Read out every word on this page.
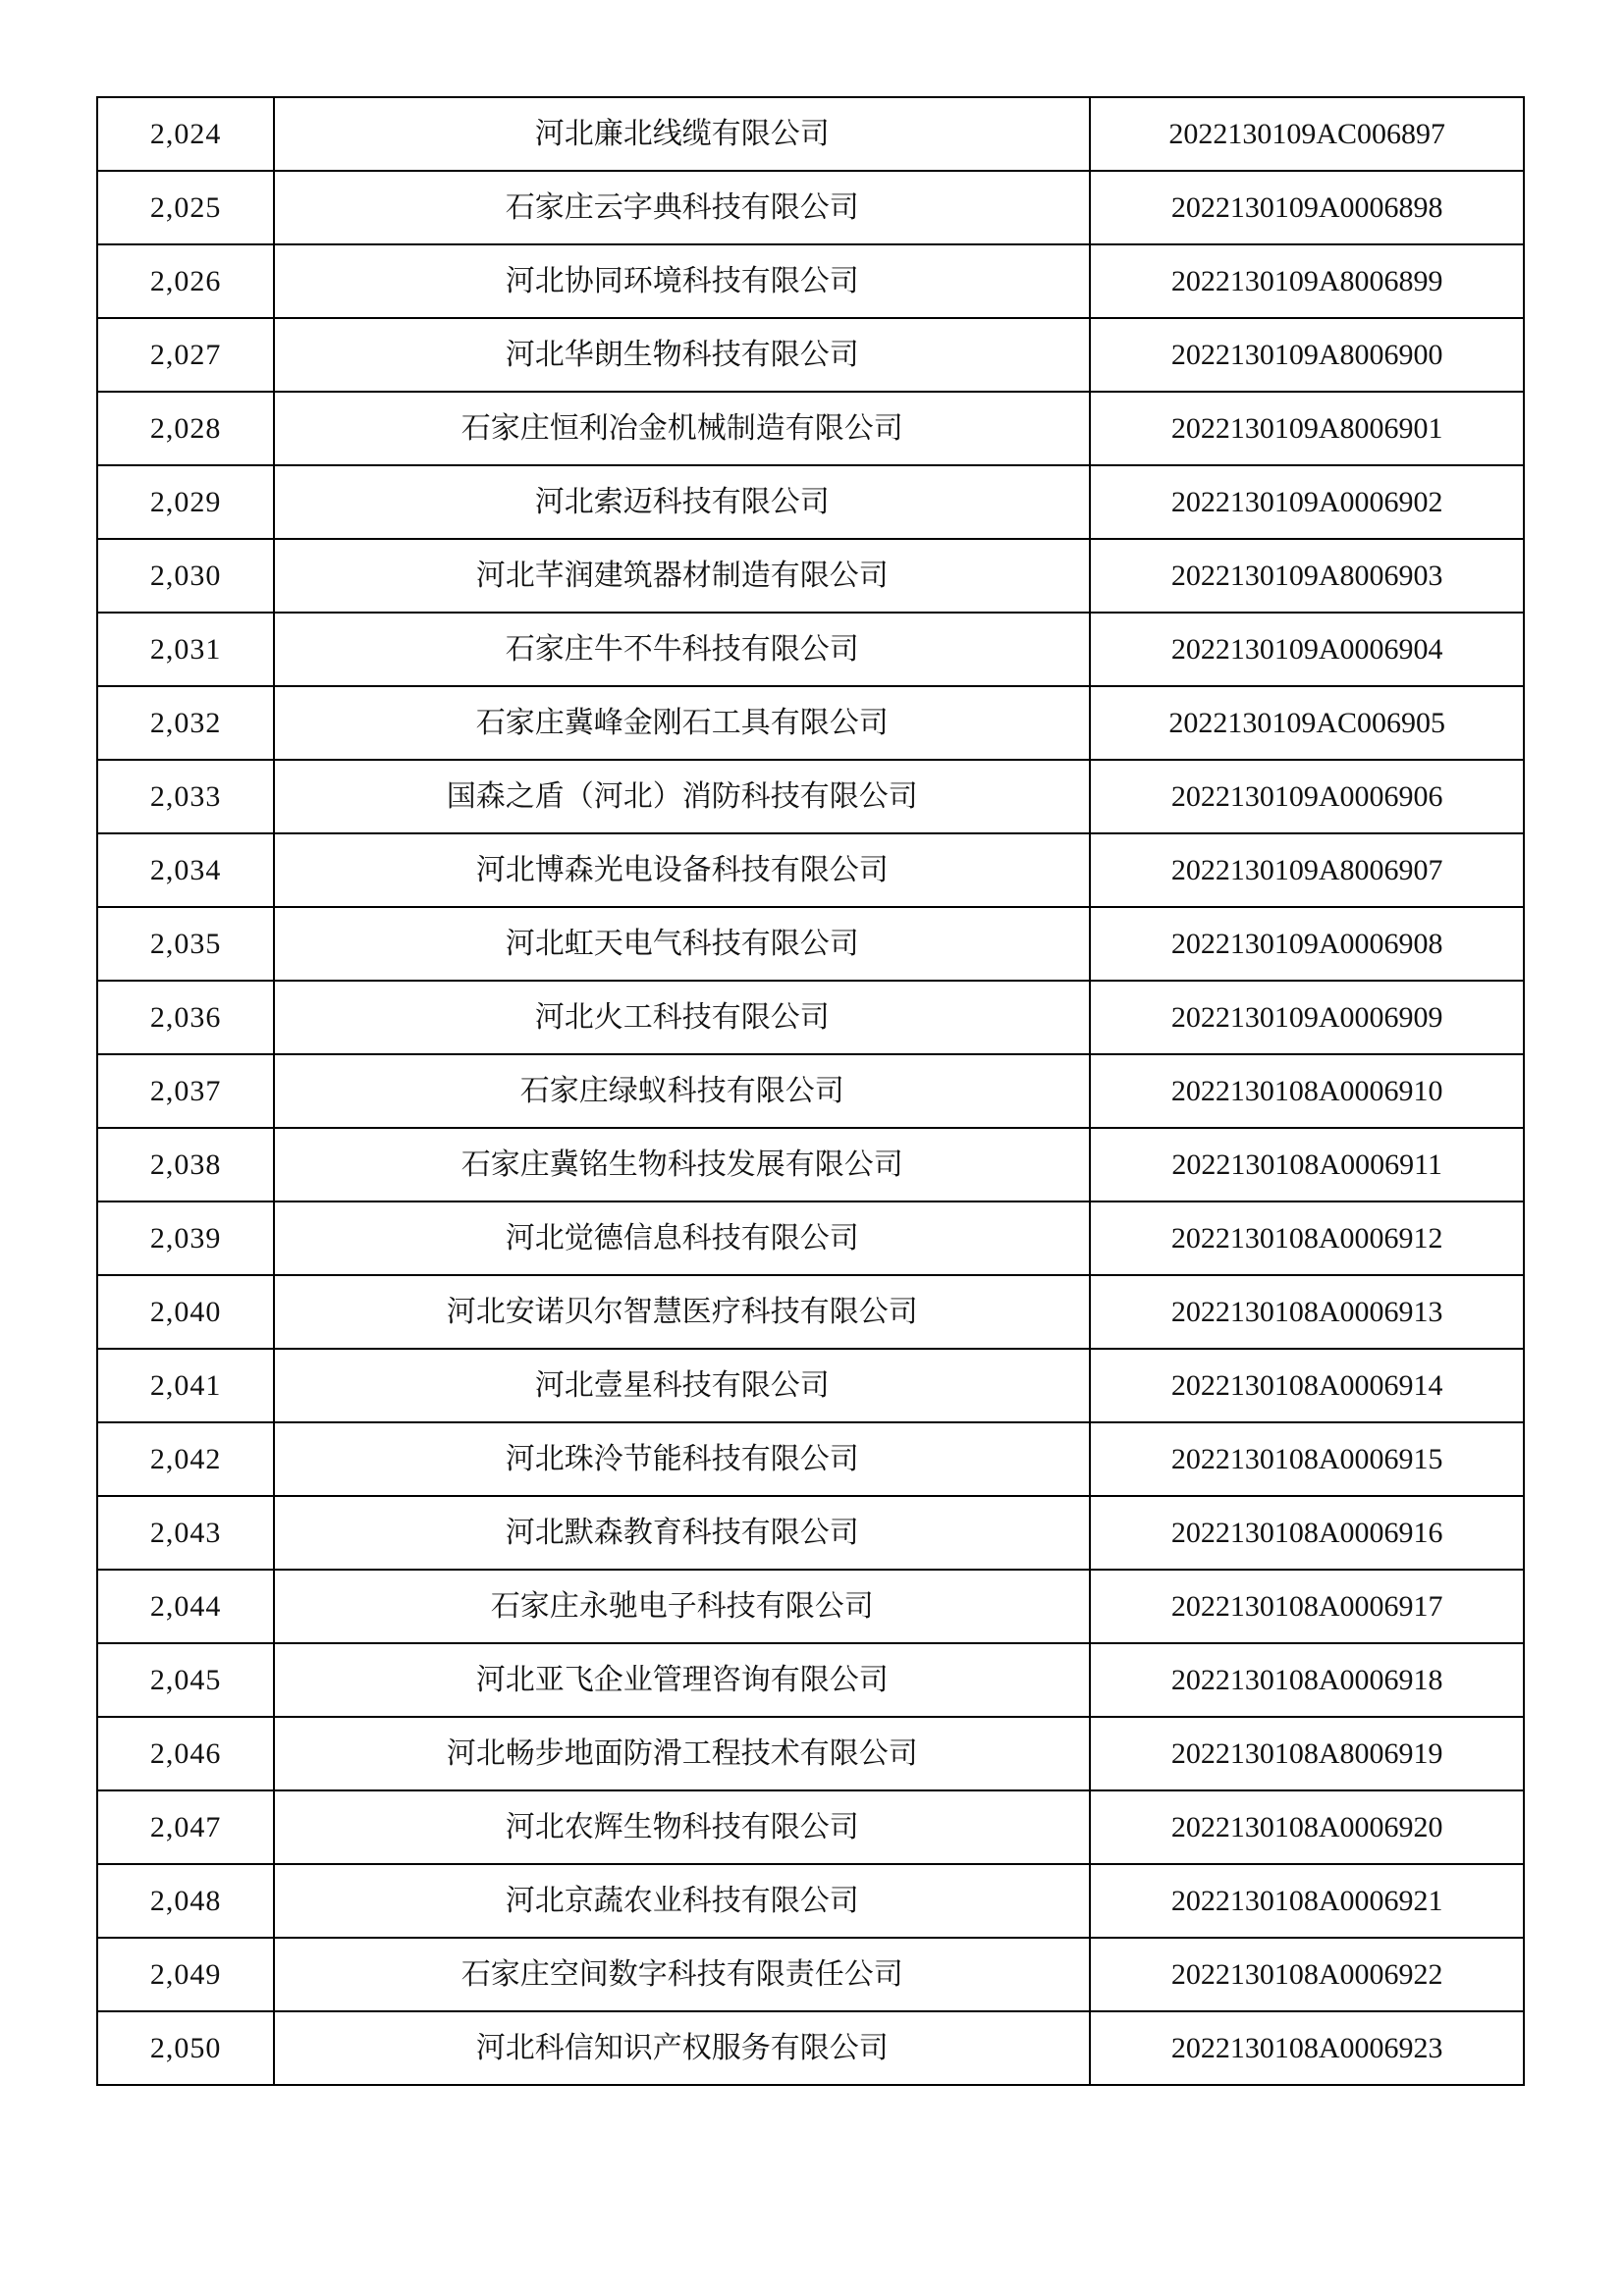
2,024	河北廉北线缆有限公司	2022130109AC006897
2,025	石家庄云字典科技有限公司	2022130109A0006898
2,026	河北协同环境科技有限公司	2022130109A8006899
2,027	河北华朗生物科技有限公司	2022130109A8006900
2,028	石家庄恒利冶金机械制造有限公司	2022130109A8006901
2,029	河北索迈科技有限公司	2022130109A0006902
2,030	河北芊润建筑器材制造有限公司	2022130109A8006903
2,031	石家庄牛不牛科技有限公司	2022130109A0006904
2,032	石家庄冀峰金刚石工具有限公司	2022130109AC006905
2,033	国森之盾（河北）消防科技有限公司	2022130109A0006906
2,034	河北博森光电设备科技有限公司	2022130109A8006907
2,035	河北虹天电气科技有限公司	2022130109A0006908
2,036	河北火工科技有限公司	2022130109A0006909
2,037	石家庄绿蚁科技有限公司	2022130108A0006910
2,038	石家庄冀铭生物科技发展有限公司	2022130108A0006911
2,039	河北觉德信息科技有限公司	2022130108A0006912
2,040	河北安诺贝尔智慧医疗科技有限公司	2022130108A0006913
2,041	河北壹星科技有限公司	2022130108A0006914
2,042	河北珠泠节能科技有限公司	2022130108A0006915
2,043	河北默森教育科技有限公司	2022130108A0006916
2,044	石家庄永驰电子科技有限公司	2022130108A0006917
2,045	河北亚飞企业管理咨询有限公司	2022130108A0006918
2,046	河北畅步地面防滑工程技术有限公司	2022130108A8006919
2,047	河北农辉生物科技有限公司	2022130108A0006920
2,048	河北京蔬农业科技有限公司	2022130108A0006921
2,049	石家庄空间数字科技有限责任公司	2022130108A0006922
2,050	河北科信知识产权服务有限公司	2022130108A0006923
